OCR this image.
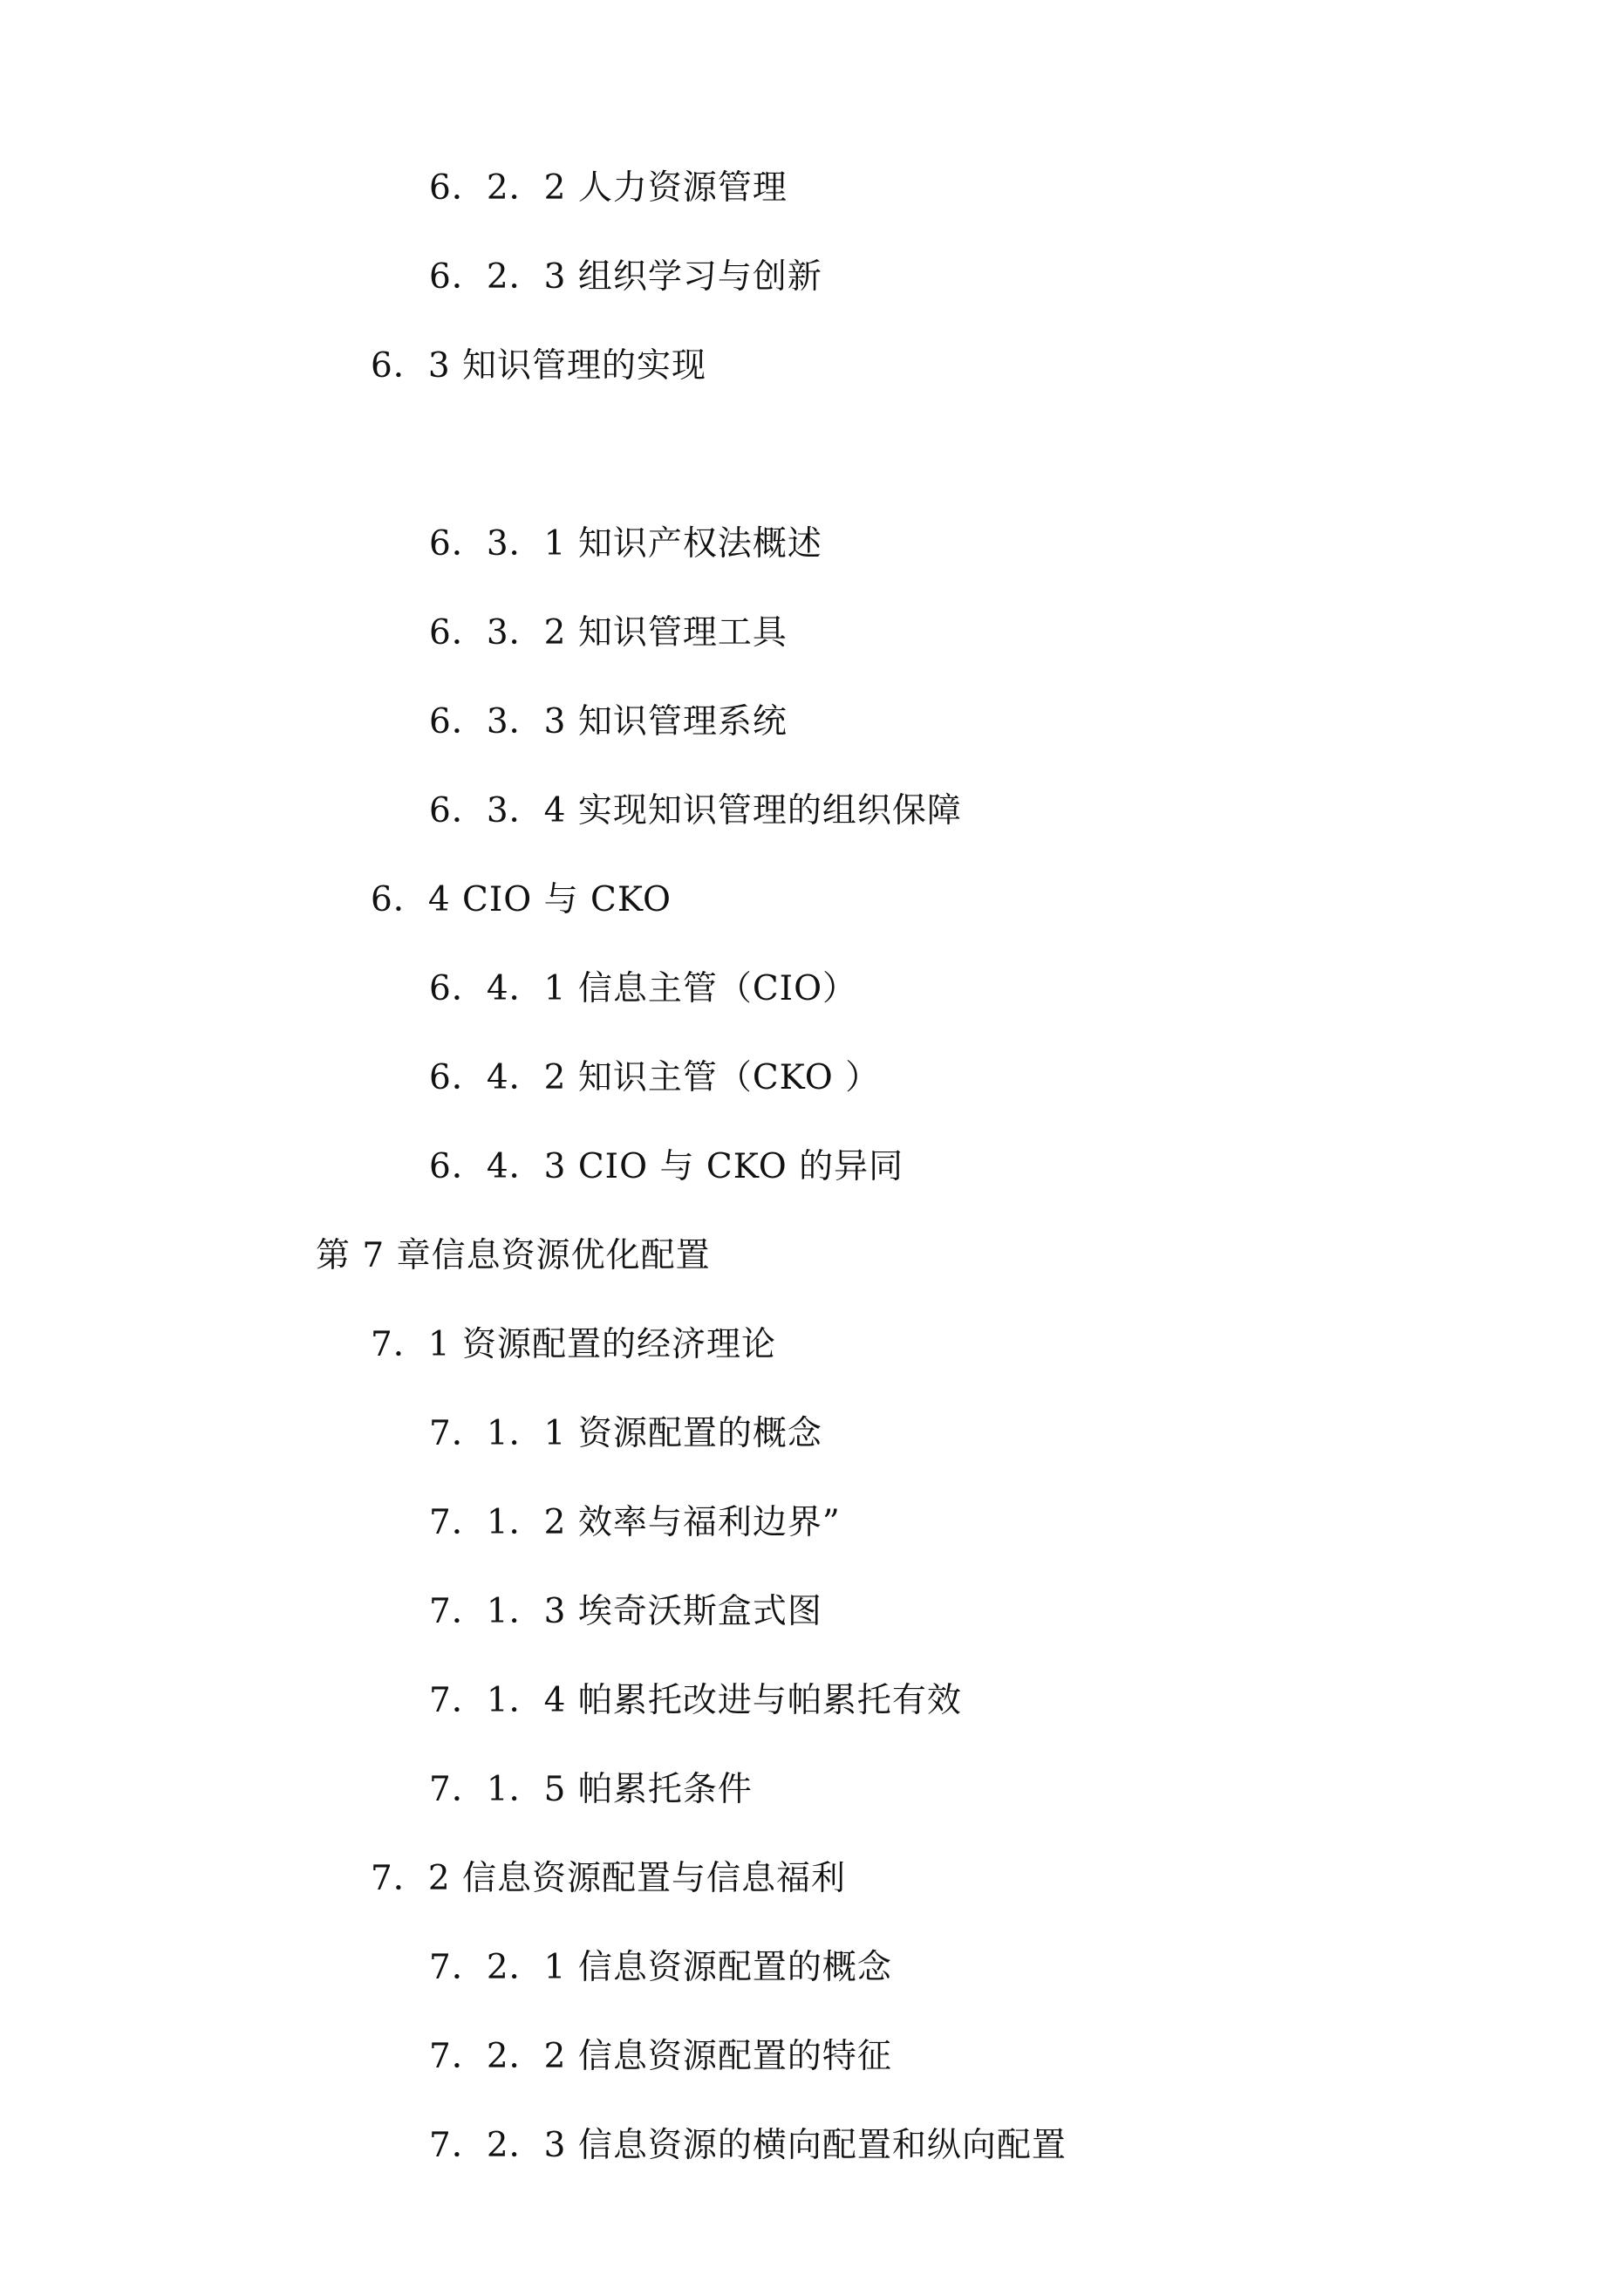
6．2．2 人力资源管理
6．2．3 组织学习与创新
6．3 知识管理的实现
6．3．1 知识产权法概述
6．3．2 知识管理工具
6．3．3 知识管理系统
6．3．4 实现知识管理的组织保障
6．4 CIO 与 CKO
6．4．1 信息主管（CIO）
6．4．2 知识主管（CKO ）
6．4．3 CIO 与 CKO 的异同
第 7 章信息资源优化配置
7．1 资源配置的经济理论
7．1．1 资源配置的概念
7．1．2 效率与福利边界”
7．1．3 埃奇沃斯盒式图
7．1．4 帕累托改进与帕累托有效
7．1．5 帕累托条件
7．2 信息资源配置与信息福利
7．2．1 信息资源配置的概念
7．2．2 信息资源配置的特征
7．2．3 信息资源的横向配置和纵向配置
